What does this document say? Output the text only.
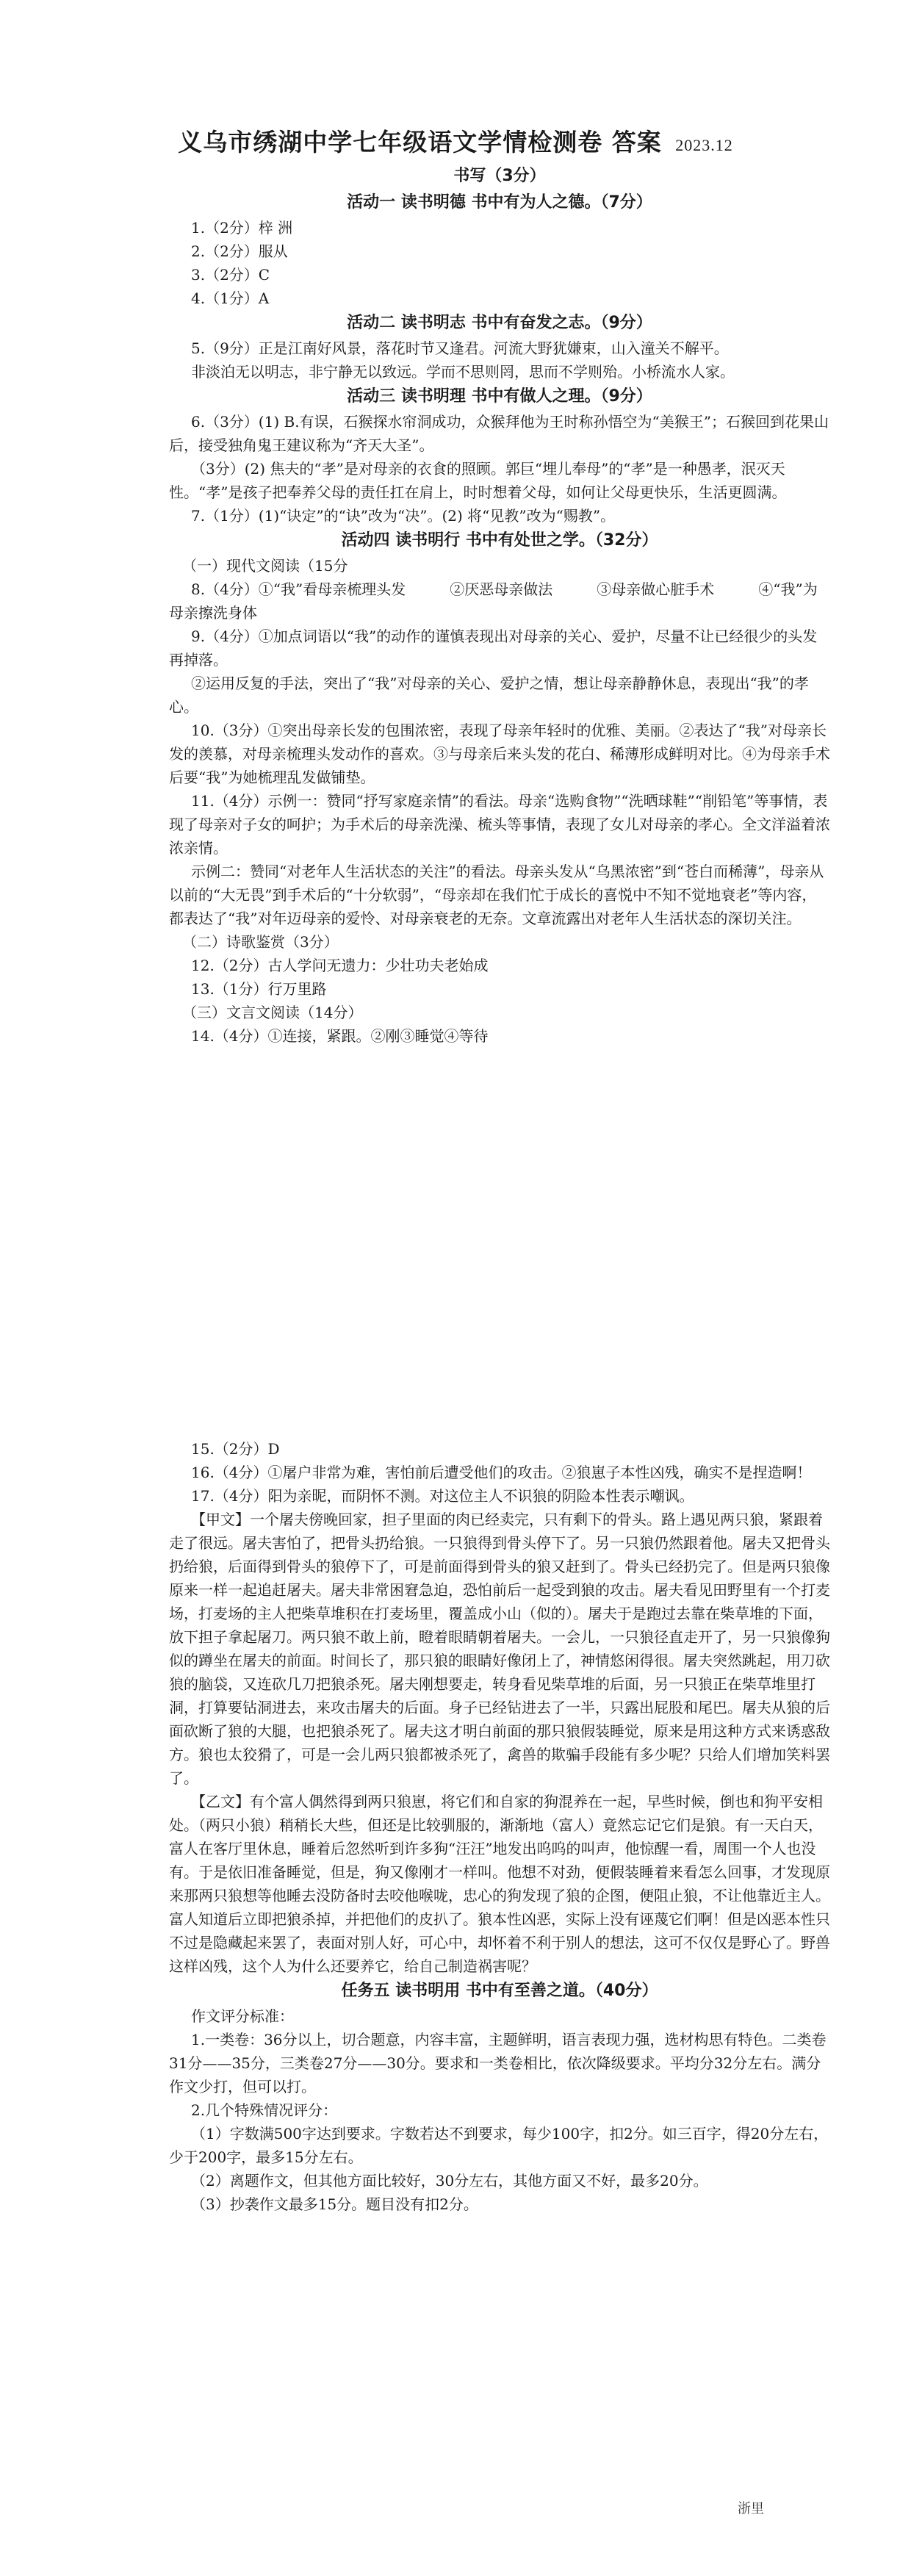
义乌市绣湖中学七年级语文学情检测卷 答案 2023.12

书写（3分）

活动一 读书明德 书中有为人之德。（7分）

1.（2分）梓 洲

2.（2分）服从

3.（2分）C

4.（1分）A

活动二 读书明志 书中有奋发之志。（9分）

5.（9分）正是江南好风景，落花时节又逢君。河流大野犹嫌束，山入潼关不解平。

非淡泊无以明志，非宁静无以致远。学而不思则罔，思而不学则殆。小桥流水人家。

活动三 读书明理 书中有做人之理。（9分）

6.（3分）(1) B.有误，石猴探水帘洞成功，众猴拜他为王时称孙悟空为“美猴王”；石猴回到花果山后，接受独角鬼王建议称为“齐天大圣”。

（3分）(2) 焦夫的“孝”是对母亲的衣食的照顾。郭巨“埋儿奉母”的“孝”是一种愚孝，泯灭天性。“孝”是孩子把奉养父母的责任扛在肩上，时时想着父母，如何让父母更快乐，生活更圆满。

7.（1分）(1)“诀定”的“诀”改为“决”。(2) 将“见教”改为“赐教”。

活动四 读书明行 书中有处世之学。（32分）

（一）现代文阅读（15分

8.（4分）①“我”看母亲梳理头发　　　②厌恶母亲做法　　　③母亲做心脏手术　　　④“我”为母亲擦洗身体

9.（4分）①加点词语以“我”的动作的谨慎表现出对母亲的关心、爱护，尽量不让已经很少的头发再掉落。

②运用反复的手法，突出了“我”对母亲的关心、爱护之情，想让母亲静静休息，表现出“我”的孝心。

10.（3分）①突出母亲长发的包围浓密，表现了母亲年轻时的优雅、美丽。②表达了“我”对母亲长发的羡慕，对母亲梳理头发动作的喜欢。③与母亲后来头发的花白、稀薄形成鲜明对比。④为母亲手术后要“我”为她梳理乱发做铺垫。

11.（4分）示例一：赞同“抒写家庭亲情”的看法。母亲“选购食物”“洗晒球鞋”“削铅笔”等事情，表现了母亲对子女的呵护；为手术后的母亲洗澡、梳头等事情，表现了女儿对母亲的孝心。全文洋溢着浓浓亲情。

示例二：赞同“对老年人生活状态的关注”的看法。母亲头发从“乌黑浓密”到“苍白而稀薄”，母亲从以前的“大无畏”到手术后的“十分软弱”，“母亲却在我们忙于成长的喜悦中不知不觉地衰老”等内容，都表达了“我”对年迈母亲的爱怜、对母亲衰老的无奈。文章流露出对老年人生活状态的深切关注。

（二）诗歌鉴赏（3分）

12.（2分）古人学问无遗力：少壮功夫老始成

13.（1分）行万里路

（三）文言文阅读（14分）

14.（4分）①连接，紧跟。②刚③睡觉④等待

15.（2分）D

16.（4分）①屠户非常为难，害怕前后遭受他们的攻击。②狼崽子本性凶残，确实不是捏造啊！

17.（4分）阳为亲昵，而阴怀不测。对这位主人不识狼的阴险本性表示嘲讽。

【甲文】一个屠夫傍晚回家，担子里面的肉已经卖完，只有剩下的骨头。路上遇见两只狼，紧跟着走了很远。屠夫害怕了，把骨头扔给狼。一只狼得到骨头停下了。另一只狼仍然跟着他。屠夫又把骨头扔给狼，后面得到骨头的狼停下了，可是前面得到骨头的狼又赶到了。骨头已经扔完了。但是两只狼像原来一样一起追赶屠夫。屠夫非常困窘急迫，恐怕前后一起受到狼的攻击。屠夫看见田野里有一个打麦场，打麦场的主人把柴草堆积在打麦场里，覆盖成小山（似的）。屠夫于是跑过去靠在柴草堆的下面，放下担子拿起屠刀。两只狼不敢上前，瞪着眼睛朝着屠夫。一会儿，一只狼径直走开了，另一只狼像狗似的蹲坐在屠夫的前面。时间长了，那只狼的眼睛好像闭上了，神情悠闲得很。屠夫突然跳起，用刀砍狼的脑袋，又连砍几刀把狼杀死。屠夫刚想要走，转身看见柴草堆的后面，另一只狼正在柴草堆里打洞，打算要钻洞进去，来攻击屠夫的后面。身子已经钻进去了一半，只露出屁股和尾巴。屠夫从狼的后面砍断了狼的大腿，也把狼杀死了。屠夫这才明白前面的那只狼假装睡觉，原来是用这种方式来诱惑敌方。狼也太狡猾了，可是一会儿两只狼都被杀死了，禽兽的欺骗手段能有多少呢？只给人们增加笑料罢了。

【乙文】有个富人偶然得到两只狼崽，将它们和自家的狗混养在一起，早些时候，倒也和狗平安相处。（两只小狼）稍稍长大些，但还是比较驯服的，渐渐地（富人）竟然忘记它们是狼。有一天白天，富人在客厅里休息，睡着后忽然听到许多狗“汪汪”地发出呜呜的叫声，他惊醒一看，周围一个人也没有。于是依旧准备睡觉，但是，狗又像刚才一样叫。他想不对劲，便假装睡着来看怎么回事，才发现原来那两只狼想等他睡去没防备时去咬他喉咙，忠心的狗发现了狼的企图，便阻止狼，不让他靠近主人。富人知道后立即把狼杀掉，并把他们的皮扒了。狼本性凶恶，实际上没有诬蔑它们啊！但是凶恶本性只不过是隐藏起来罢了，表面对别人好，可心中，却怀着不利于别人的想法，这可不仅仅是野心了。野兽这样凶残，这个人为什么还要养它，给自己制造祸害呢？

任务五 读书明用 书中有至善之道。（40分）

作文评分标准：

1.一类卷：36分以上，切合题意，内容丰富，主题鲜明，语言表现力强，选材构思有特色。二类卷31分——35分，三类卷27分——30分。要求和一类卷相比，依次降级要求。平均分32分左右。满分作文少打，但可以打。

2.几个特殊情况评分：

（1）字数满500字达到要求。字数若达不到要求，每少100字，扣2分。如三百字，得20分左右，少于200字，最多15分左右。

（2）离题作文，但其他方面比较好，30分左右，其他方面又不好，最多20分。

（3）抄袭作文最多15分。题目没有扣2分。

浙里
